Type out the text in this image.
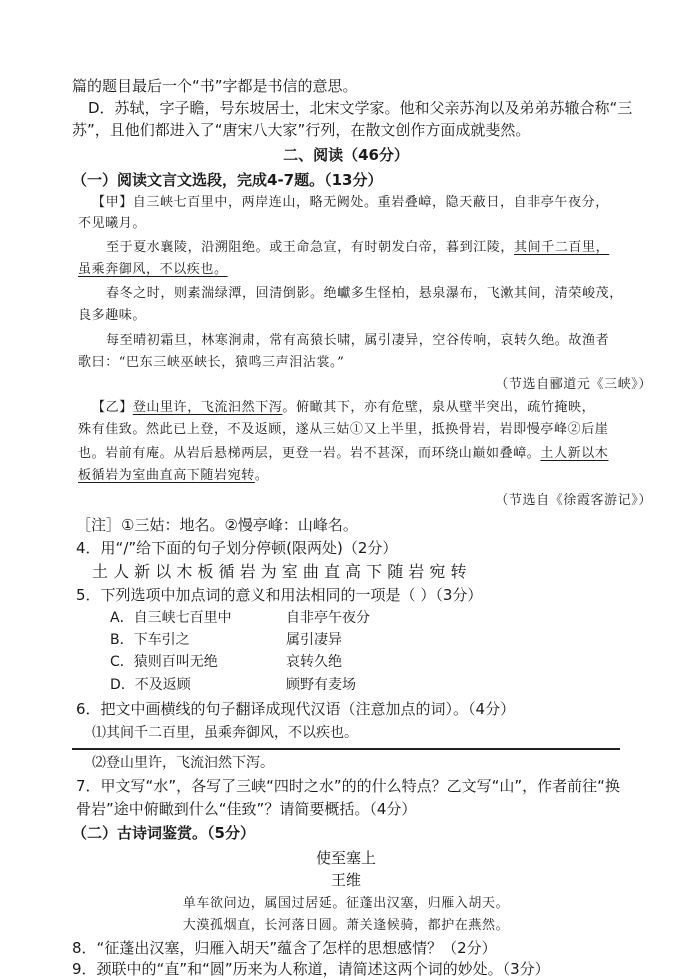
篇的题目最后一个“书”字都是书信的意思。
D．苏轼，字子瞻，号东坡居士，北宋文学家。他和父亲苏洵以及弟弟苏辙合称“三
苏”，且他们都进入了“唐宋八大家”行列，在散文创作方面成就斐然。
二、阅读（46分）
（一）阅读文言文选段，完成4-7题。（13分）
【甲】自三峡七百里中，两岸连山，略无阙处。重岩叠嶂，隐天蔽日，自非亭午夜分，
不见曦月。
至于夏水襄陵，沿溯阻绝。或王命急宣，有时朝发白帝，暮到江陵，其间千二百里，
虽乘奔御风，不以疾也。
春冬之时，则素湍绿潭，回清倒影。绝巘多生怪柏，悬泉瀑布，飞漱其间，清荣峻茂，
良多趣味。
每至晴初霜旦，林寒涧肃，常有高猿长啸，属引凄异，空谷传响，哀转久绝。故渔者
歌曰：“巴东三峡巫峡长，猿鸣三声泪沾裳。”
（节选自郦道元《三峡》）
【乙】登山里许，飞流汩然下泻。俯瞰其下，亦有危壁，泉从壁半突出，疏竹掩映，
殊有佳致。然此已上登，不及返顾，遂从三姑①又上半里，抵换骨岩，岩即慢亭峰②后崖
也。岩前有庵。从岩后悬梯两层，更登一岩。岩不甚深，而环绕山巅如叠嶂。土人新以木
板循岩为室曲直高下随岩宛转。
（节选自《徐霞客游记》）
［注］①三姑：地名。②慢亭峰：山峰名。
4．用“/”给下面的句子划分停顿(限两处)（2分）
土 人 新 以 木 板 循 岩 为 室 曲 直 高 下 随 岩 宛 转
5．下列选项中加点词的意义和用法相同的一项是（ ）（3分）
A．自三峡七百里中	自非亭午夜分
B．下车引之	属引凄异
C．猿则百叫无绝	哀转久绝
D．不及返顾	顾野有麦场
6．把文中画横线的句子翻译成现代汉语（注意加点的词）。（4分）
⑴其间千二百里，虽乘奔御风，不以疾也。
⑵登山里许，飞流汩然下泻。
7．甲文写“水”，各写了三峡“四时之水”的的什么特点？乙文写“山”，作者前往“换
骨岩”途中俯瞰到什么“佳致”？请简要概括。（4分）
（二）古诗词鉴赏。（5分）
使至塞上
王维
单车欲问边，属国过居延。征蓬出汉塞，归雁入胡天。
大漠孤烟直，长河落日圆。萧关逢候骑，都护在燕然。
8．“征蓬出汉塞，归雁入胡天”蕴含了怎样的思想感情？（2分）
9．颈联中的“直”和“圆”历来为人称道，请简述这两个词的妙处。（3分）
